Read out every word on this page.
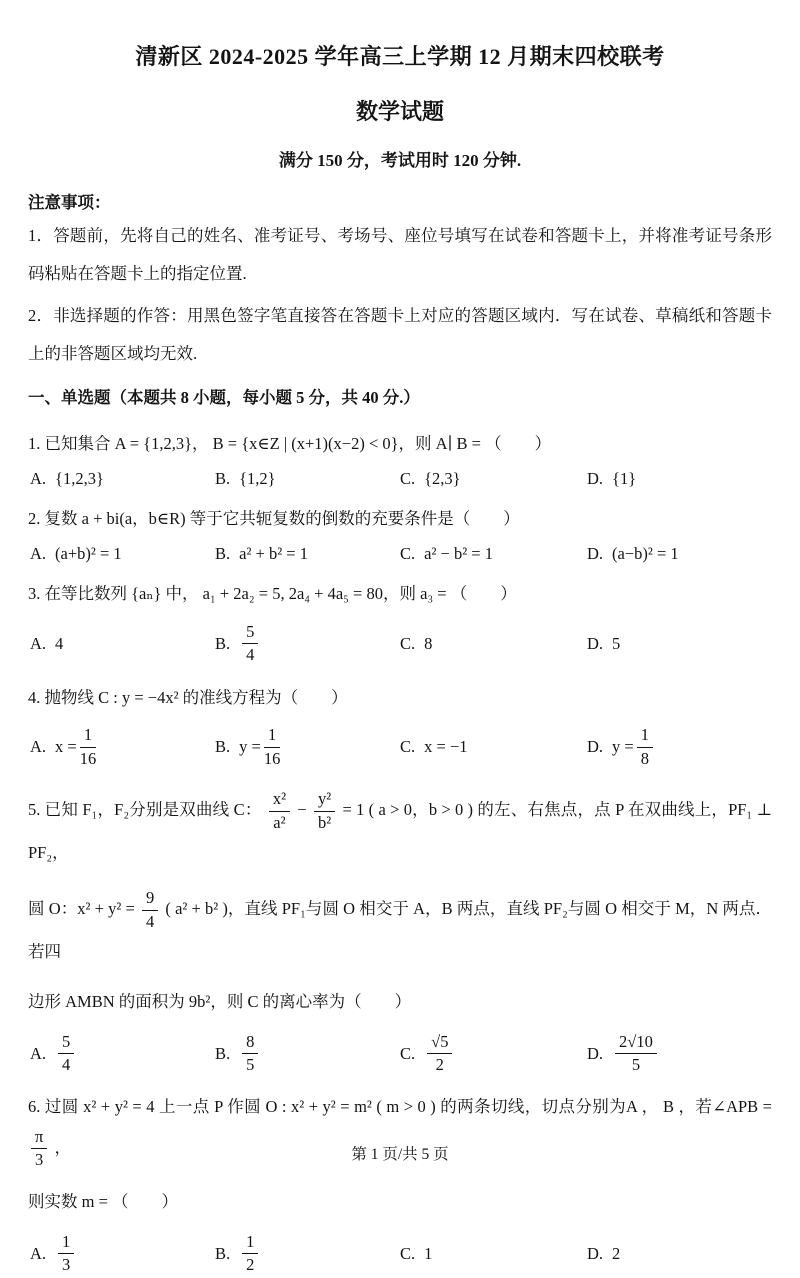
清新区 2024-2025 学年高三上学期 12 月期末四校联考
数学试题
满分 150 分，考试用时 120 分钟.
注意事项：

1．答题前，先将自己的姓名、准考证号、考场号、座位号填写在试卷和答题卡上，并将准考证号条形码粘贴在答题卡上的指定位置.

2．非选择题的作答：用黑色签字笔直接答在答题卡上对应的答题区域内．写在试卷、草稿纸和答题卡上的非答题区域均无效.

一、单选题（本题共 8 小题，每小题 5 分，共 40 分.）

1. 已知集合 A = {1,2,3}， B = {x∈Z | (x+1)(x−2) < 0}，则 A∣ B = （　　）

A. {1,2,3}	B. {1,2}	C. {2,3}	D. {1}

2. 复数 a + bi(a，b∈R) 等于它共轭复数的倒数的充要条件是（　　）

A. (a+b)² = 1	B. a² + b² = 1	C. a² − b² = 1	D. (a−b)² = 1

3. 在等比数列 {aₙ} 中， a₁ + 2a₂ = 5, 2a₄ + 4a₅ = 80，则 a₃ = （　　）

A. 4	B. $\frac{5}{4}$	C. 8	D. 5

4. 抛物线 C : y = −4x² 的准线方程为（　　）

A. $x = \frac{1}{16}$	B. $y = \frac{1}{16}$	C. x = −1	D. $y = \frac{1}{8}$

5. 已知 F₁，F₂分别是双曲线 C： $\frac{\text{x²}}{\text{a²}} - \frac{\text{y²}}{\text{b²}} = 1$ ( a > 0，b > 0 ) 的左、右焦点，点 P 在双曲线上，PF₁ ⊥ PF₂，

圆 O：$x^2 + y^2 = \frac{9}{4}$ ( a² + b² )，直线 PF₁与圆 O 相交于 A，B 两点，直线 PF₂与圆 O 相交于 M，N 两点．若四

边形 AMBN 的面积为 9b²，则 C 的离心率为（　　）

A. $\frac{5}{4}$	B. $\frac{8}{5}$	C. $\frac{√5}{2}$	D. $\frac{2√10}{5}$

6. 过圆 x² + y² = 4 上一点 P 作圆 O : x² + y² = m² ( m > 0 ) 的两条切线，切点分别为A ， B ，若∠APB =
$\frac{\pi}{3}$ ，

则实数 m = （　　）

A. $\frac{1}{3}$	B. $\frac{1}{2}$	C. 1	D. 2
第 1 页/共 5 页
